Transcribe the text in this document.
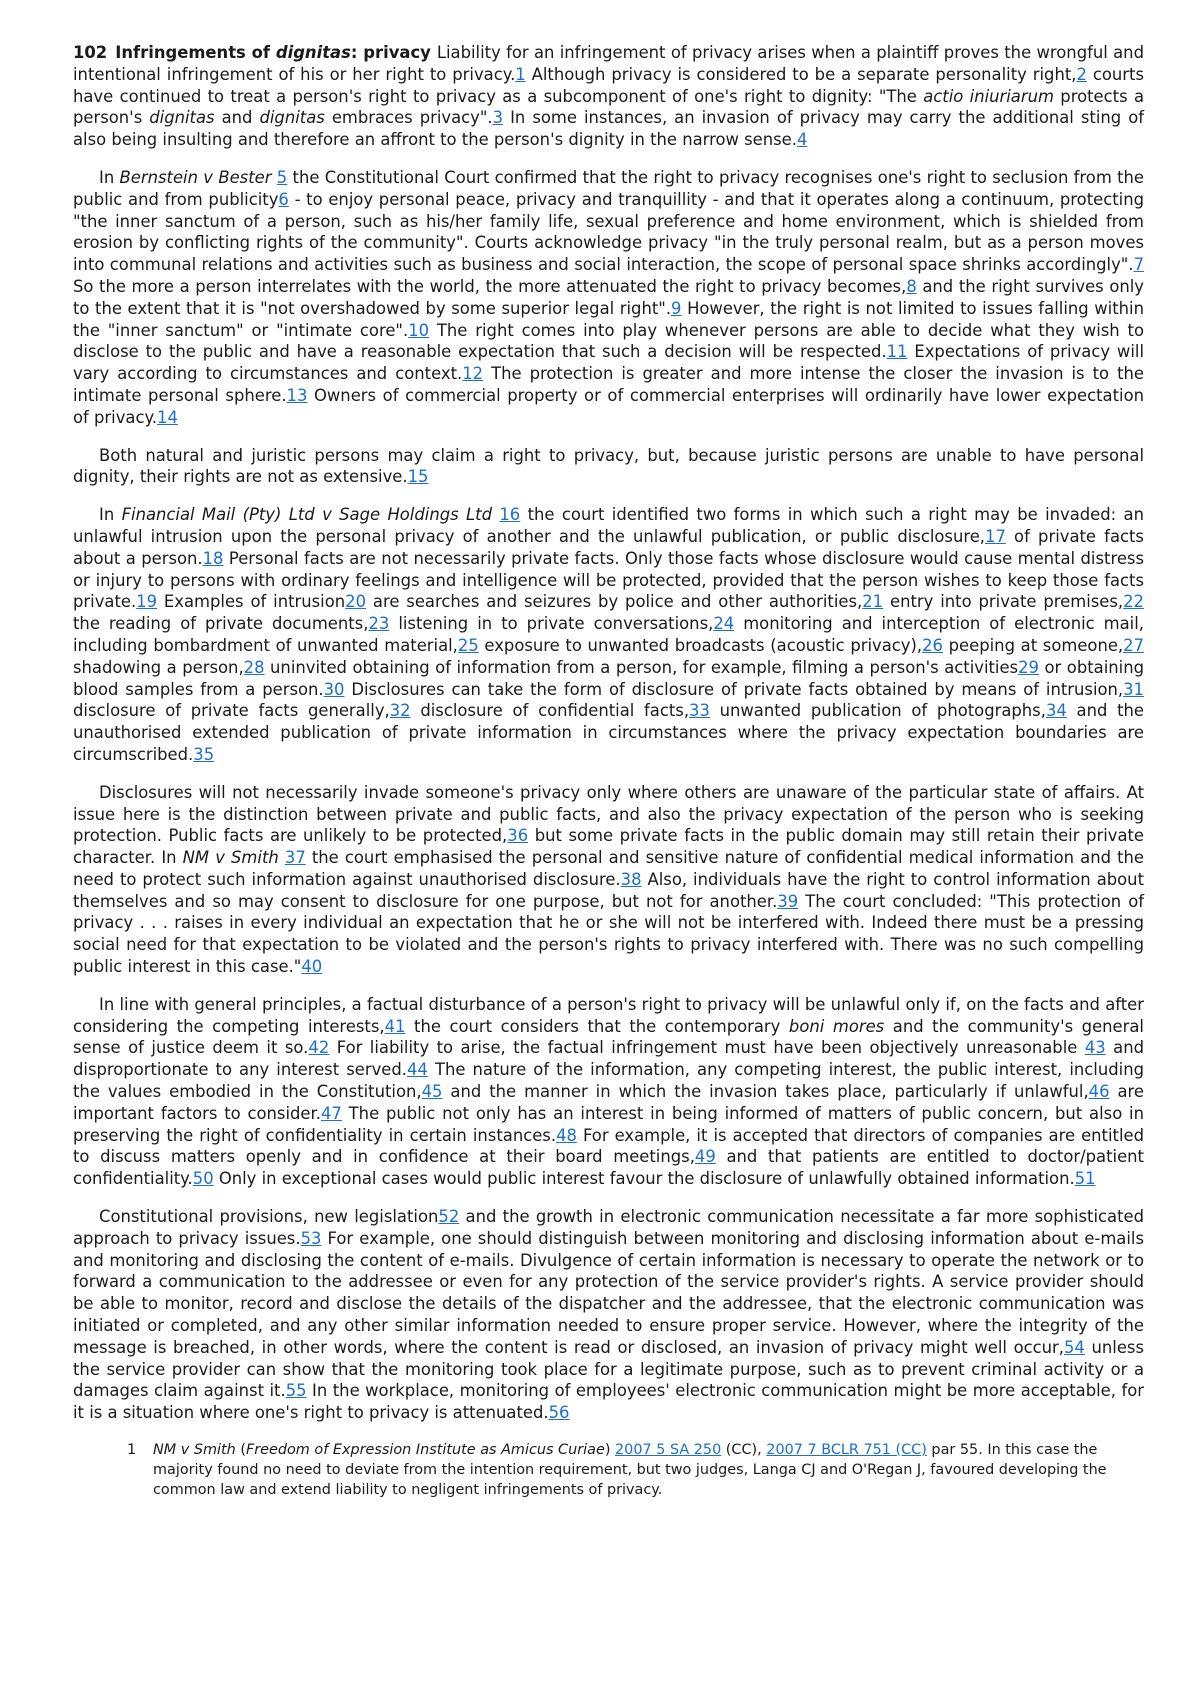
102 Infringements of dignitas: privacy Liability for an infringement of privacy arises when a plaintiff proves the wrongful and intentional infringement of his or her right to privacy.1 Although privacy is considered to be a separate personality right,2 courts have continued to treat a person's right to privacy as a subcomponent of one's right to dignity: "The actio iniuriarum protects a person's dignitas and dignitas embraces privacy".3 In some instances, an invasion of privacy may carry the additional sting of also being insulting and therefore an affront to the person's dignity in the narrow sense.4

In Bernstein v Bester 5 the Constitutional Court confirmed that the right to privacy recognises one's right to seclusion from the public and from publicity6 - to enjoy personal peace, privacy and tranquillity - and that it operates along a continuum, protecting "the inner sanctum of a person, such as his/her family life, sexual preference and home environment, which is shielded from erosion by conflicting rights of the community". Courts acknowledge privacy "in the truly personal realm, but as a person moves into communal relations and activities such as business and social interaction, the scope of personal space shrinks accordingly".7 So the more a person interrelates with the world, the more attenuated the right to privacy becomes,8 and the right survives only to the extent that it is "not overshadowed by some superior legal right".9 However, the right is not limited to issues falling within the "inner sanctum" or "intimate core".10 The right comes into play whenever persons are able to decide what they wish to disclose to the public and have a reasonable expectation that such a decision will be respected.11 Expectations of privacy will vary according to circumstances and context.12 The protection is greater and more intense the closer the invasion is to the intimate personal sphere.13 Owners of commercial property or of commercial enterprises will ordinarily have lower expectation of privacy.14

Both natural and juristic persons may claim a right to privacy, but, because juristic persons are unable to have personal dignity, their rights are not as extensive.15

In Financial Mail (Pty) Ltd v Sage Holdings Ltd 16 the court identified two forms in which such a right may be invaded: an unlawful intrusion upon the personal privacy of another and the unlawful publication, or public disclosure,17 of private facts about a person.18 Personal facts are not necessarily private facts. Only those facts whose disclosure would cause mental distress or injury to persons with ordinary feelings and intelligence will be protected, provided that the person wishes to keep those facts private.19 Examples of intrusion20 are searches and seizures by police and other authorities,21 entry into private premises,22 the reading of private documents,23 listening in to private conversations,24 monitoring and interception of electronic mail, including bombardment of unwanted material,25 exposure to unwanted broadcasts (acoustic privacy),26 peeping at someone,27 shadowing a person,28 uninvited obtaining of information from a person, for example, filming a person's activities29 or obtaining blood samples from a person.30 Disclosures can take the form of disclosure of private facts obtained by means of intrusion,31 disclosure of private facts generally,32 disclosure of confidential facts,33 unwanted publication of photographs,34 and the unauthorised extended publication of private information in circumstances where the privacy expectation boundaries are circumscribed.35

Disclosures will not necessarily invade someone's privacy only where others are unaware of the particular state of affairs. At issue here is the distinction between private and public facts, and also the privacy expectation of the person who is seeking protection. Public facts are unlikely to be protected,36 but some private facts in the public domain may still retain their private character. In NM v Smith 37 the court emphasised the personal and sensitive nature of confidential medical information and the need to protect such information against unauthorised disclosure.38 Also, individuals have the right to control information about themselves and so may consent to disclosure for one purpose, but not for another.39 The court concluded: "This protection of privacy . . . raises in every individual an expectation that he or she will not be interfered with. Indeed there must be a pressing social need for that expectation to be violated and the person's rights to privacy interfered with. There was no such compelling public interest in this case."40

In line with general principles, a factual disturbance of a person's right to privacy will be unlawful only if, on the facts and after considering the competing interests,41 the court considers that the contemporary boni mores and the community's general sense of justice deem it so.42 For liability to arise, the factual infringement must have been objectively unreasonable 43 and disproportionate to any interest served.44 The nature of the information, any competing interest, the public interest, including the values embodied in the Constitution,45 and the manner in which the invasion takes place, particularly if unlawful,46 are important factors to consider.47 The public not only has an interest in being informed of matters of public concern, but also in preserving the right of confidentiality in certain instances.48 For example, it is accepted that directors of companies are entitled to discuss matters openly and in confidence at their board meetings,49 and that patients are entitled to doctor/patient confidentiality.50 Only in exceptional cases would public interest favour the disclosure of unlawfully obtained information.51

Constitutional provisions, new legislation52 and the growth in electronic communication necessitate a far more sophisticated approach to privacy issues.53 For example, one should distinguish between monitoring and disclosing information about e-mails and monitoring and disclosing the content of e-mails. Divulgence of certain information is necessary to operate the network or to forward a communication to the addressee or even for any protection of the service provider's rights. A service provider should be able to monitor, record and disclose the details of the dispatcher and the addressee, that the electronic communication was initiated or completed, and any other similar information needed to ensure proper service. However, where the integrity of the message is breached, in other words, where the content is read or disclosed, an invasion of privacy might well occur,54 unless the service provider can show that the monitoring took place for a legitimate purpose, such as to prevent criminal activity or a damages claim against it.55 In the workplace, monitoring of employees' electronic communication might be more acceptable, for it is a situation where one's right to privacy is attenuated.56

1	NM v Smith (Freedom of Expression Institute as Amicus Curiae) 2007 5 SA 250 (CC), 2007 7 BCLR 751 (CC) par 55. In this case the majority found no need to deviate from the intention requirement, but two judges, Langa CJ and O'Regan J, favoured developing the common law and extend liability to negligent infringements of privacy.
